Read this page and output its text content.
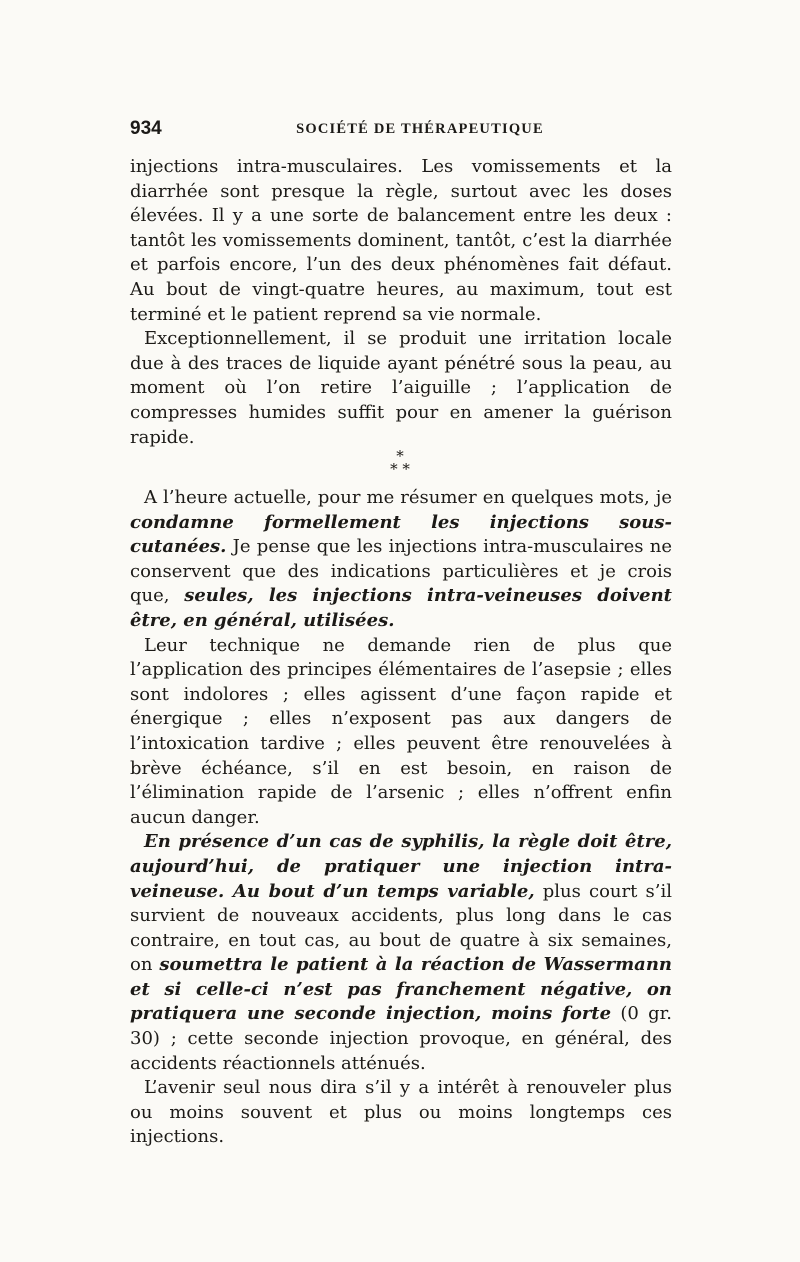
934	SOCIÉTÉ DE THÉRAPEUTIQUE

injections intra-musculaires. Les vomissements et la diarrhée sont presque la règle, surtout avec les doses élevées. Il y a une sorte de balancement entre les deux : tantôt les vomissements dominent, tantôt, c’est la diarrhée et parfois encore, l’un des deux phénomènes fait défaut. Au bout de vingt-quatre heures, au maximum, tout est terminé et le patient reprend sa vie normale.

Exceptionnellement, il se produit une irritation locale due à des traces de liquide ayant pénétré sous la peau, au moment où l’on retire l’aiguille ; l’application de compresses humides suffit pour en amener la guérison rapide.

*
* *

A l’heure actuelle, pour me résumer en quelques mots, je condamne formellement les injections sous-cutanées. Je pense que les injections intra-musculaires ne conservent que des indications particulières et je crois que, seules, les injections intra-veineuses doivent être, en général, utilisées.

Leur technique ne demande rien de plus que l’application des principes élémentaires de l’asepsie ; elles sont indolores ; elles agissent d’une façon rapide et énergique ; elles n’exposent pas aux dangers de l’intoxication tardive ; elles peuvent être renouvelées à brève échéance, s’il en est besoin, en raison de l’élimination rapide de l’arsenic ; elles n’offrent enfin aucun danger.

En présence d’un cas de syphilis, la règle doit être, aujourd’hui, de pratiquer une injection intra-veineuse. Au bout d’un temps variable, plus court s’il survient de nouveaux accidents, plus long dans le cas contraire, en tout cas, au bout de quatre à six semaines, on soumettra le patient à la réaction de Wassermann et si celle-ci n’est pas franchement négative, on pratiquera une seconde injection, moins forte (0 gr. 30) ; cette seconde injection provoque, en général, des accidents réactionnels atténués.

L’avenir seul nous dira s’il y a intérêt à renouveler plus ou moins souvent et plus ou moins longtemps ces injections.
